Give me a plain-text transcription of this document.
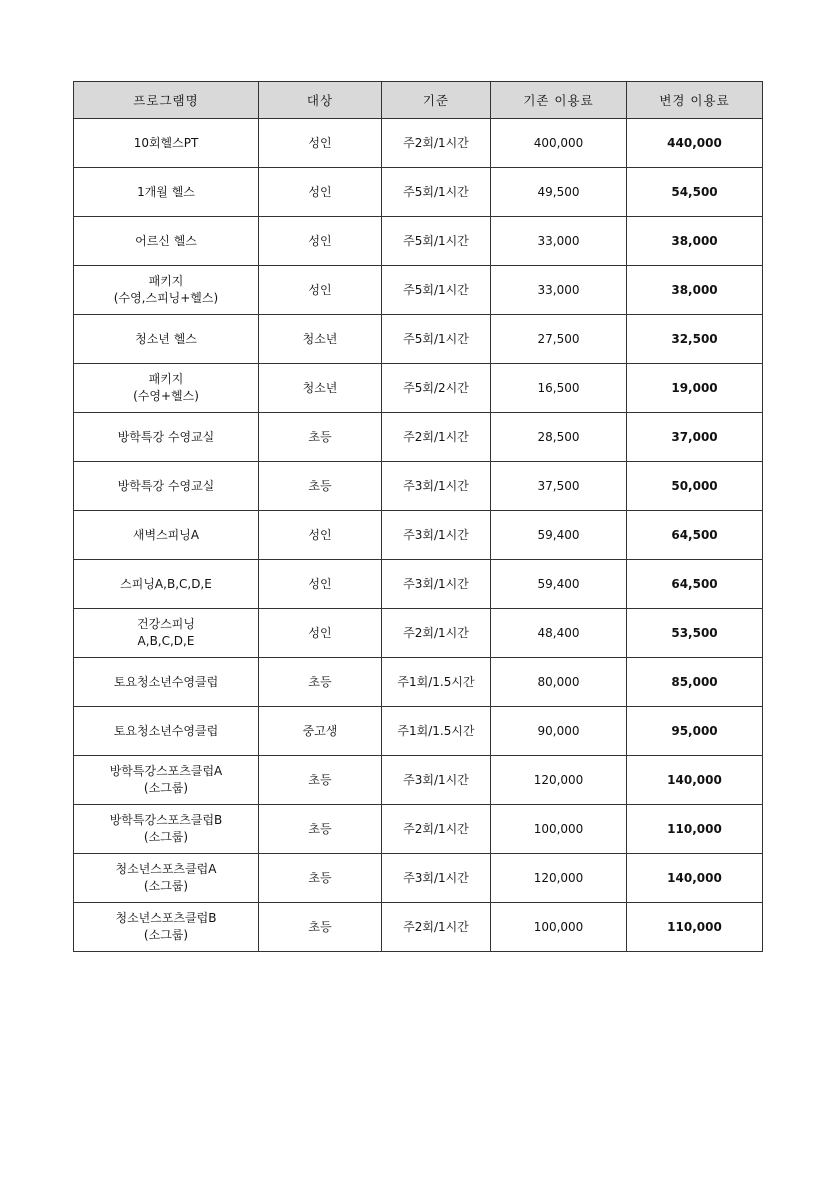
프로그램명	대상	기준	기존 이용료	변경 이용료

10회헬스PT	성인	주2회/1시간	400,000	440,000

1개월 헬스	성인	주5회/1시간	49,500	54,500

어르신 헬스	성인	주5회/1시간	33,000	38,000

패키지
(수영,스피닝+헬스)	성인	주5회/1시간	33,000	38,000

청소년 헬스	청소년	주5회/1시간	27,500	32,500

패키지
(수영+헬스)	청소년	주5회/2시간	16,500	19,000

방학특강 수영교실	초등	주2회/1시간	28,500	37,000

방학특강 수영교실	초등	주3회/1시간	37,500	50,000

새벽스피닝A	성인	주3회/1시간	59,400	64,500

스피닝A,B,C,D,E	성인	주3회/1시간	59,400	64,500

건강스피닝
A,B,C,D,E	성인	주2회/1시간	48,400	53,500

토요청소년수영클럽	초등	주1회/1.5시간	80,000	85,000

토요청소년수영클럽	중고생	주1회/1.5시간	90,000	95,000

방학특강스포츠클럽A
(소그룹)	초등	주3회/1시간	120,000	140,000

방학특강스포츠클럽B
(소그룹)	초등	주2회/1시간	100,000	110,000

청소년스포츠클럽A
(소그룹)	초등	주3회/1시간	120,000	140,000

청소년스포츠클럽B
(소그룹)	초등	주2회/1시간	100,000	110,000
